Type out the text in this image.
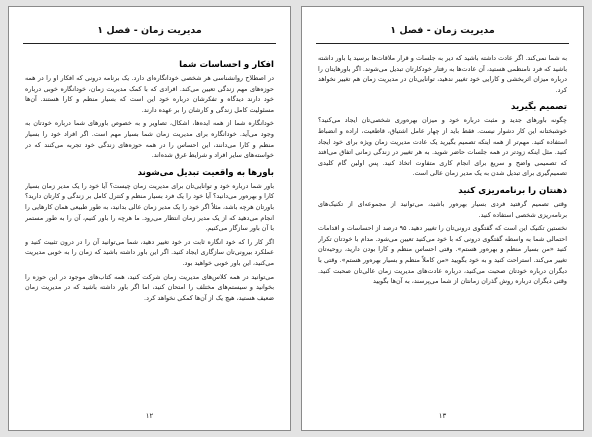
مدیریت زمان - فصل ۱
افکار و احساسات شما

در اصطلاح روانشناسی هر شخصی خودانگاره‌ای دارد. یک برنامه درونی که افکار او را در همه حوزه‌های مهم زندگی تعیین می‌کند. افرادی که با کمک مدیریت زمان، خودانگاره خوبی درباره خود دارند دیدگاه و تفکرشان درباره خود این است که بسیار منظم و کارا هستند. آن‌ها مسئولیت کامل زندگی و کارشان را بر عهده دارند.

خودانگاره شما از همه ایده‌ها، اشکال، تصاویر و به خصوص باورهای شما درباره خودتان به وجود می‌آید. خودانگاره برای مدیریت زمان شما بسیار مهم است. اگر افراد خود را بسیار منظم و کارا می‌دانند، این احساس را در همه حوزه‌های زندگی خود تجربه می‌کنند که در خواسته‌های سایر افراد و شرایط غرق شده‌اند.

باورها به واقعیت تبدیل می‌شوند

باور شما درباره خود و توانایی‌تان برای مدیریت زمان چیست؟ آیا خود را یک مدیر زمان بسیار کارا و بهره‌ور می‌دانید؟ آیا خود را یک فرد بسیار منظم و کنترل کامل بر زندگی و کارتان دارید؟ باورتان هرچه باشد، مثلاً اگر خود را یک مدیر زمان عالی بدانید، به طور طبیعی همان کارهایی را انجام می‌دهید که از یک مدیر زمان انتظار می‌رود. ما هرچه را باور کنیم، آن را به طور مستمر با آن باور سازگار می‌کنیم.

اگر کار را که خود انگاره ثابت در خود تغییر دهید، شما می‌توانید آن را در درون تثبیت کنید و عملکرد بیرونی‌تان سازگاری ایجاد کنید. اگر این باور داشته باشید که زمان را به خوبی مدیریت می‌کنید، این باور خوبی خواهید بود.

می‌توانید در همه کلاس‌های مدیریت زمان شرکت کنید، همه کتاب‌های موجود در این حوزه را بخوانید و سیستم‌های مختلف را امتحان کنید، اما اگر باور داشته باشید که در مدیریت زمان ضعیف هستید، هیچ یک از آن‌ها کمکی نخواهد کرد.

۱۲
مدیریت زمان - فصل ۱

به شما نمی‌کند. اگر عادت داشته باشید که دیر به جلسات و قرار ملاقات‌ها برسید یا باور داشته باشید که فرد نامنظمی هستید، آن عادت‌ها به رفتار خودکارتان تبدیل می‌شوند. اگر باورهایتان را درباره میزان اثربخشی و کارایی خود تغییر ندهید، توانایی‌تان در مدیریت زمان هم تغییر نخواهد کرد.

تصمیم بگیرید

چگونه باورهای جدید و مثبت درباره خود و میزان بهره‌وری شخصی‌تان ایجاد می‌کنید؟ خوشبختانه این کار دشوار نیست. فقط باید از چهار عامل اشتیاق، قاطعیت، اراده و انضباط استفاده کنید. مهم‌تر از همه اینکه تصمیم بگیرید یک عادت مدیریت زمان ویژه برای خود ایجاد کنید. مثل اینکه زودتر در همه جلسات حاضر شوید. به هر تغییر در زندگی زمانی اتفاق می‌افتد که تصمیمی واضح و سریع برای انجام کاری متفاوت اتخاذ کنید. پس اولین گام کلیدی تصمیم‌گیری برای تبدیل شدن به یک مدیر زمان عالی است.

ذهنتان را برنامه‌ریزی کنید

وقتی تصمیم گرفتید فردی بسیار بهره‌ور باشید، می‌توانید از مجموعه‌ای از تکنیک‌های برنامه‌ریزی شخصی استفاده کنید.

نخستین تکنیک این است که گفتگوی درونی‌تان را تغییر دهید. ۹۵ درصد از احساسات و اقدامات احتمالی شما به واسطه گفتگوی درونی که با خود می‌کنید تعیین می‌شود. مدام با خودتان تکرار کنید «من بسیار منظم و بهره‌ور هستم». وقتی احساس منظم و کارا بودن دارید، روحیه‌تان تغییر می‌کند. استراحت کنید و به خود بگویید «من کاملاً منظم و بسیار بهره‌ور هستم». وقتی با دیگران درباره خودتان صحبت می‌کنید، درباره عادت‌های مدیریت زمان عالی‌تان صحبت کنید. وقتی دیگران درباره روش گذران زمانتان از شما می‌پرسند، به آن‌ها بگویید

۱۳
